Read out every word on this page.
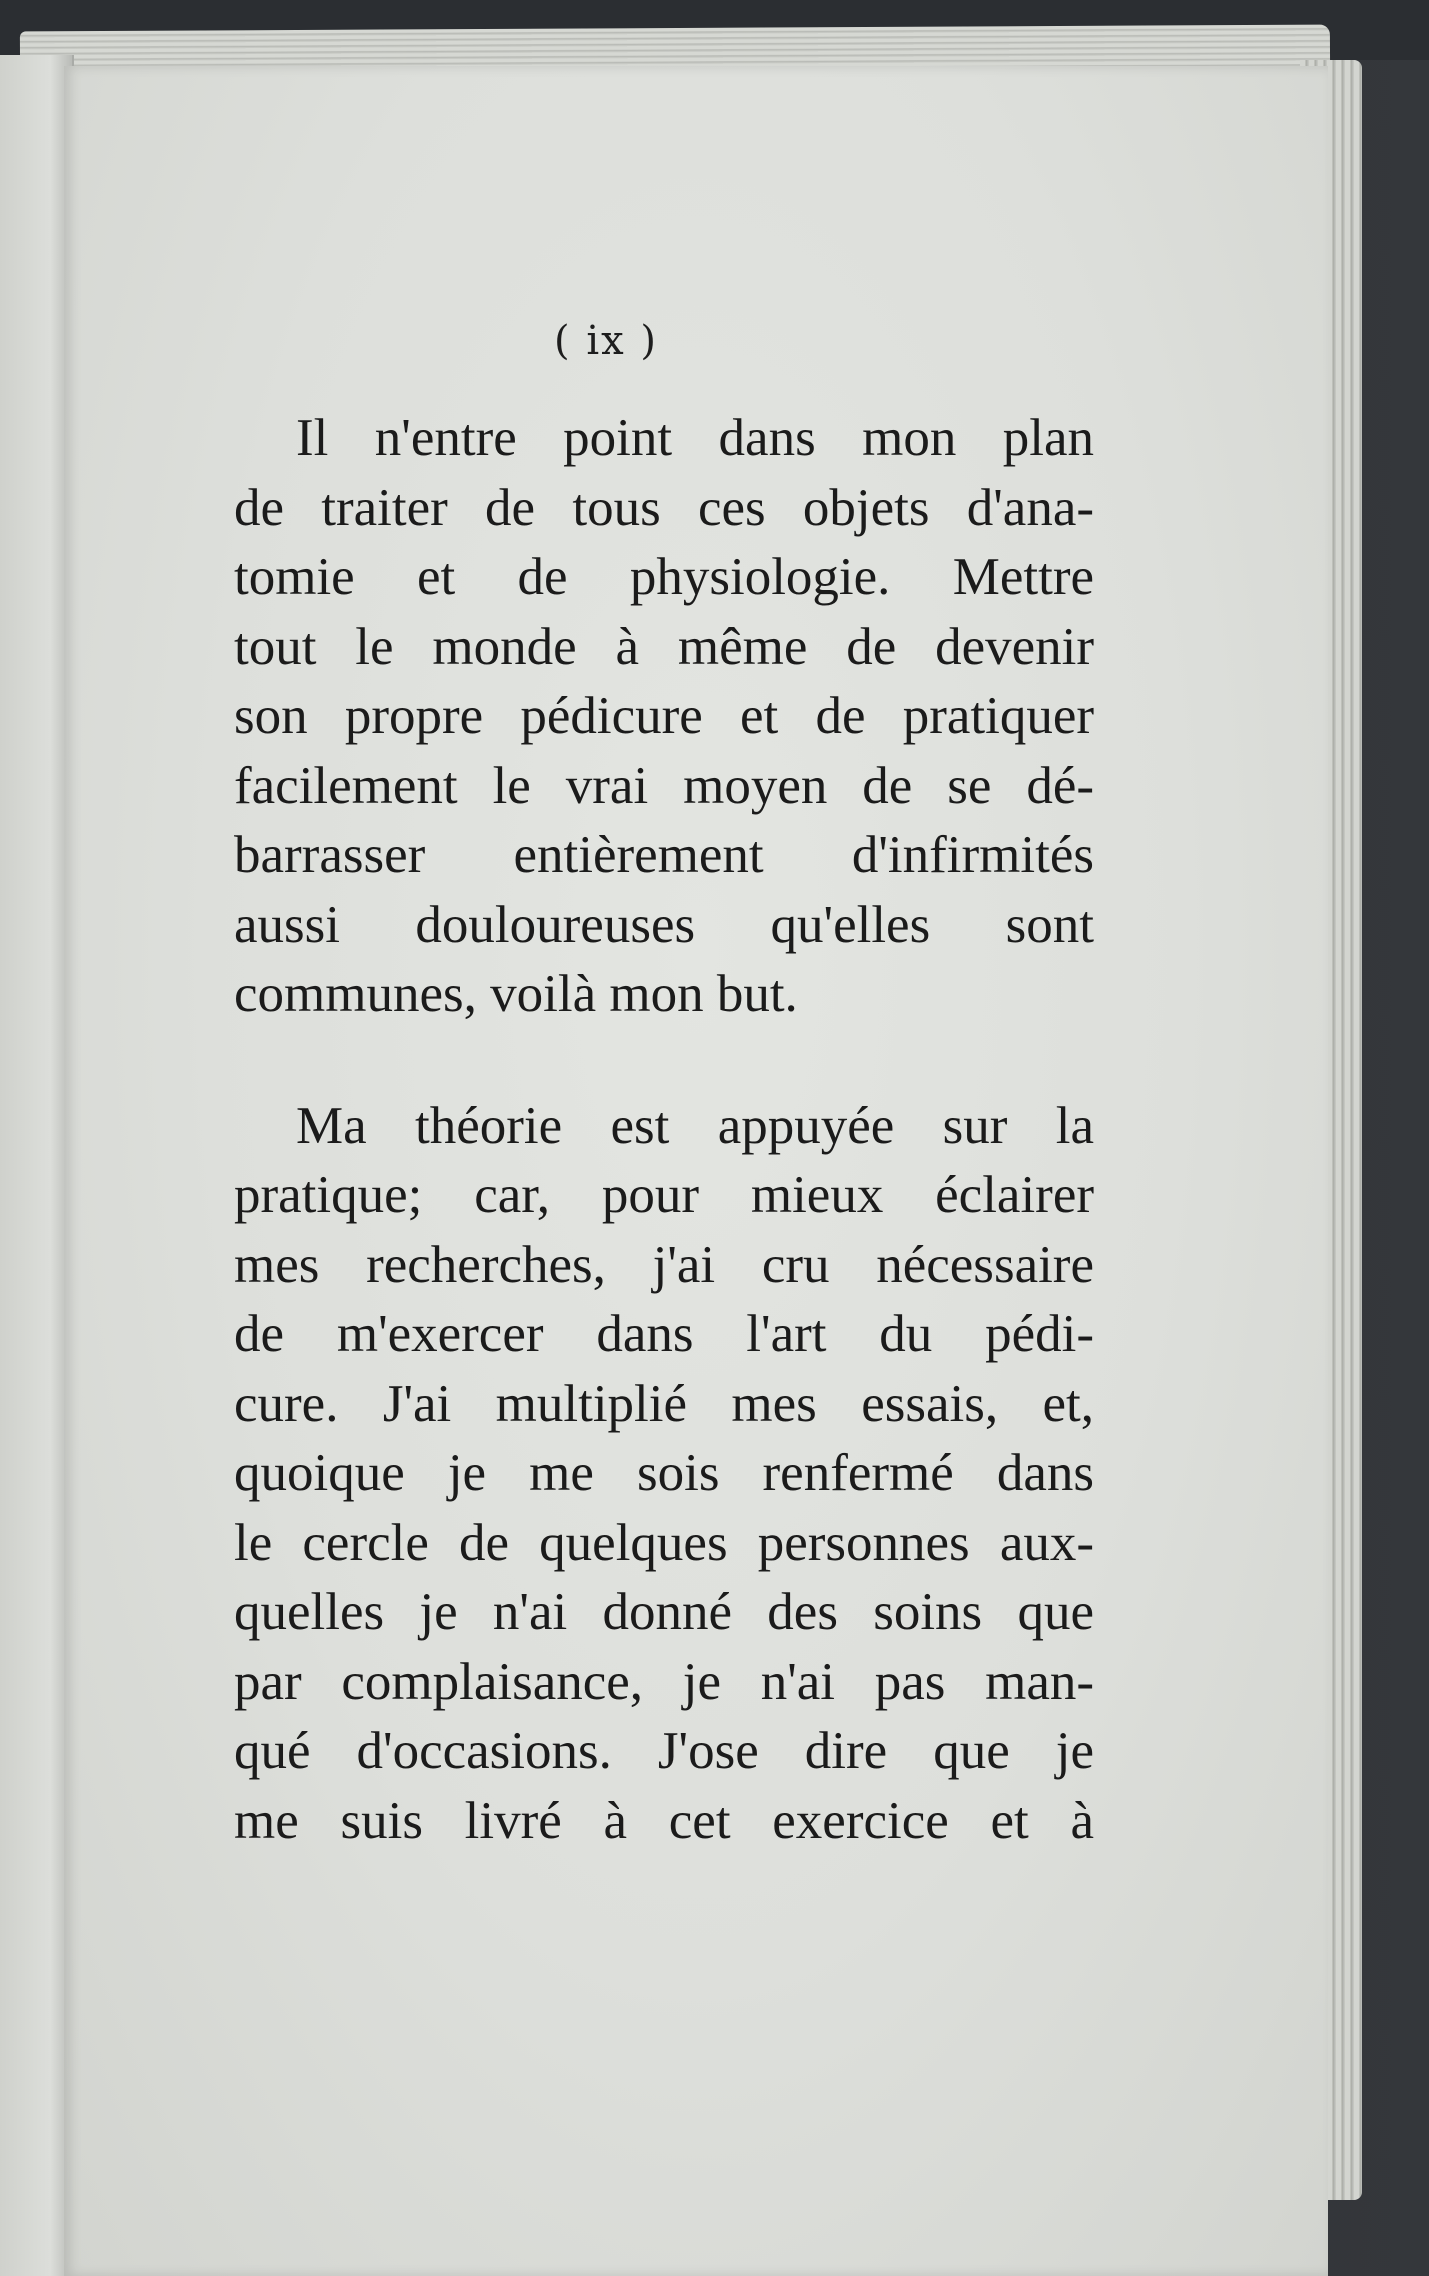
( ix )

Il n'entre point dans mon plan
de traiter de tous ces objets d'ana-
tomie et de physiologie. Mettre
tout le monde à même de devenir
son propre pédicure et de pratiquer
facilement le vrai moyen de se dé-
barrasser entièrement d'infirmités
aussi douloureuses qu'elles sont
communes, voilà mon but.

Ma théorie est appuyée sur la
pratique; car, pour mieux éclairer
mes recherches, j'ai cru nécessaire
de m'exercer dans l'art du pédi-
cure. J'ai multiplié mes essais, et,
quoique je me sois renfermé dans
le cercle de quelques personnes aux-
quelles je n'ai donné des soins que
par complaisance, je n'ai pas man-
qué d'occasions. J'ose dire que je
me suis livré à cet exercice et à
